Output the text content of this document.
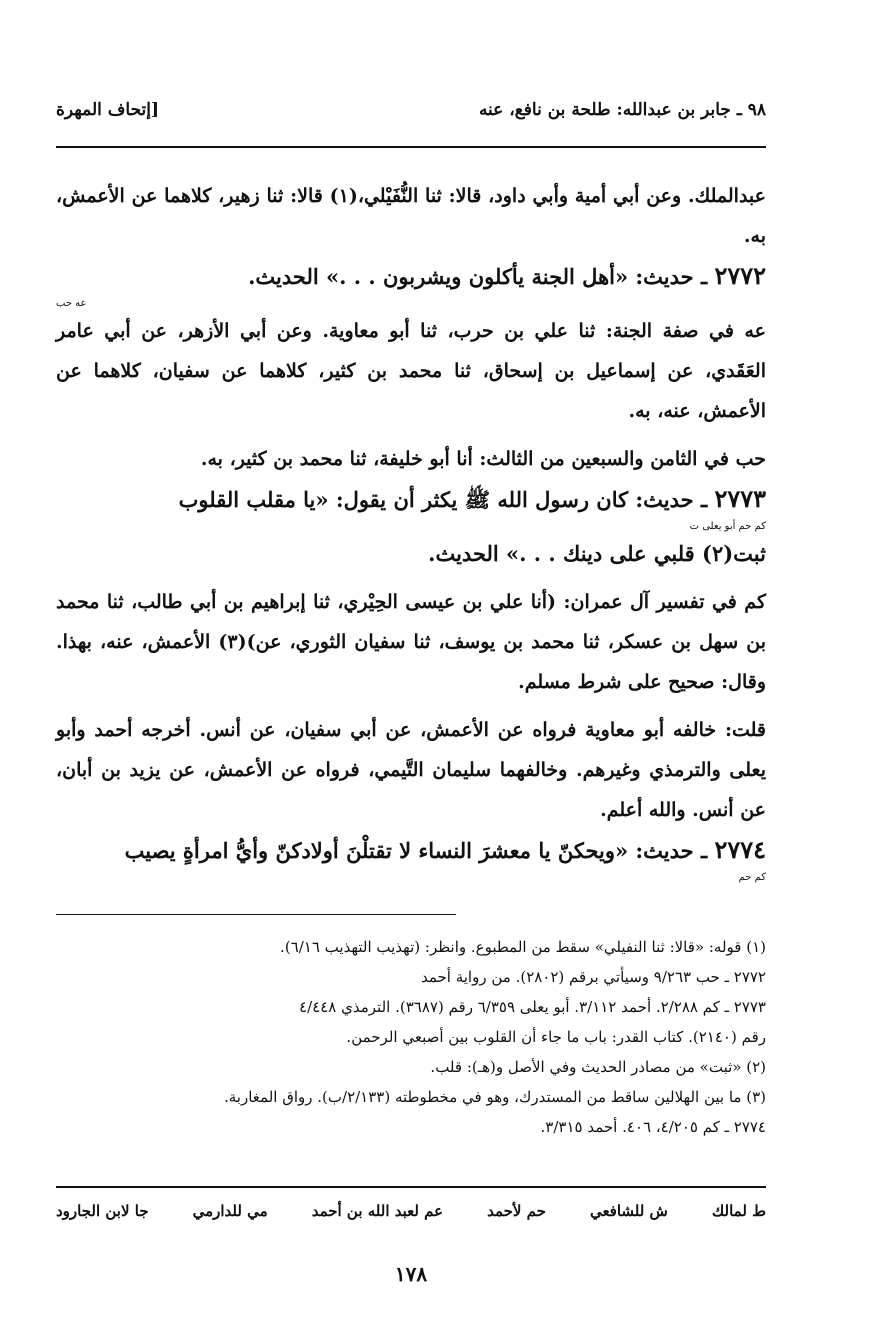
٩٨ ـ جابر بن عبدالله: طلحة بن نافع، عنه
[إتحاف المهرة

عبدالملك. وعن أبي أمية وأبي داود، قالا: ثنا النُّفَيْلي،(١) قالا: ثنا زهير، كلاهما عن الأعمش، به.

٢٧٧٢ ـ حديث: «أهل الجنة يأكلون ويشربون . . .» الحديث.

عه حب

عه في صفة الجنة: ثنا علي بن حرب، ثنا أبو معاوية. وعن أبي الأزهر، عن أبي عامر العَقَدي، عن إسماعيل بن إسحاق، ثنا محمد بن كثير، كلاهما عن سفيان، كلاهما عن الأعمش، عنه، به.

حب في الثامن والسبعين من الثالث: أنا أبو خليفة، ثنا محمد بن كثير، به.

٢٧٧٣ ـ حديث: كان رسول الله ﷺ يكثر أن يقول: «يا مقلب القلوب

كم حم أبو يعلى ت

ثبت(٢) قلبي على دينك . . .» الحديث.

كم في تفسير آل عمران: (أنا علي بن عيسى الحِيْري، ثنا إبراهيم بن أبي طالب، ثنا محمد بن سهل بن عسكر، ثنا محمد بن يوسف، ثنا سفيان الثوري، عن)(٣) الأعمش، عنه، بهذا. وقال: صحيح على شرط مسلم.

قلت: خالفه أبو معاوية فرواه عن الأعمش، عن أبي سفيان، عن أنس. أخرجه أحمد وأبو يعلى والترمذي وغيرهم. وخالفهما سليمان التَّيمي، فرواه عن الأعمش، عن يزيد بن أبان، عن أنس. والله أعلم.

٢٧٧٤ ـ حديث: «ويحكنّ يا معشرَ النساء لا تقتلْنَ أولادكنّ وأيُّ امرأةٍ يصيب

كم حم

(١) قوله: «قالا: ثنا النفيلي» سقط من المطبوع. وانظر: (تهذيب التهذيب ٦/١٦).

٢٧٧٢ ـ حب ٩/٢٦٣ وسيأتي برقم (٢٨٠٢). من رواية أحمد

٢٧٧٣ ـ كم ٢/٢٨٨. أحمد ٣/١١٢. أبو يعلى ٦/٣٥٩ رقم (٣٦٨٧). الترمذي ٤/٤٤٨

رقم (٢١٤٠). كتاب القدر: باب ما جاء أن القلوب بين أصبعي الرحمن.

(٢) «ثبت» من مصادر الحديث وفي الأصل و(هـ): قلب.

(٣) ما بين الهلالين ساقط من المستدرك، وهو في مخطوطته (٢/١٣٣/ب). رواق المغاربة.

٢٧٧٤ ـ كم ٤/٢٠٥، ٤٠٦. أحمد ٣/٣١٥.

ط لمالك
ش للشافعي
حم لأحمد
عم لعبد الله بن أحمد
مي للدارمي
جا لابن الجارود
١٧٨
